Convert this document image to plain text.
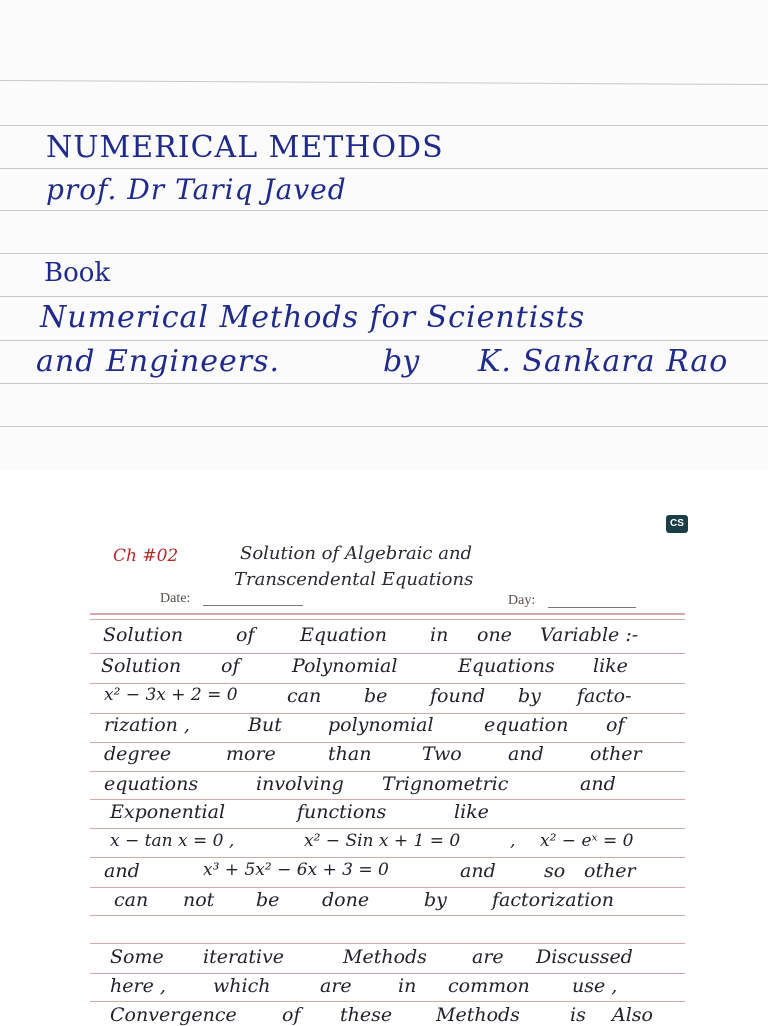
NUMERICAL METHODS
prof. Dr Tariq Javed
Book
Numerical Methods for Scientists
and Engineers.	by K. Sankara Rao
CS
Ch #02	Solution of Algebraic and
Transcendental Equations
Date:	Day:
Solution	of Equation in one Variable :-
Solution of	Polynomial	Equations like
x² − 3x + 2 = 0	can be found by facto-
rization ,	But polynomial	equation of
degree	more	than	Two and other
equations	involving Trignometric	and
Exponential	functions	like
x − tan x = 0 ,	x² − Sin x + 1 = 0	, x² − eˣ = 0
and	x³ + 5x² − 6x + 3 = 0	and	so other
can not be done	by factorization
Some iterative	Methods are Discussed
here , which	are in common use ,
Convergence of these Methods	is Also
